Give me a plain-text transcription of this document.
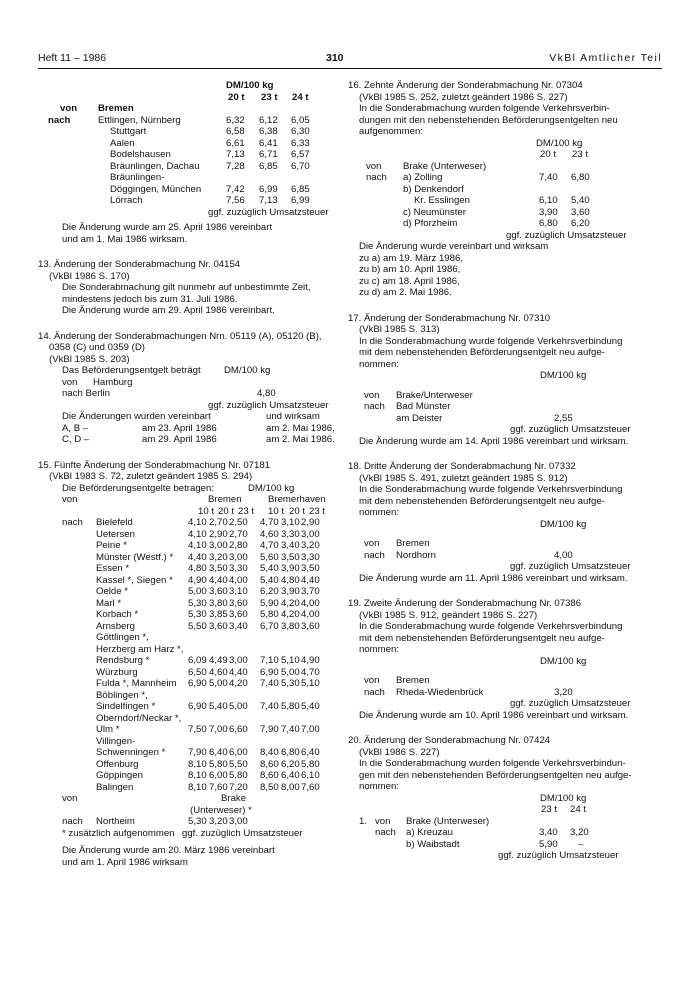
Heft 11 – 1986	310	VkBl Amtlicher Teil
DM/100 kg
20 t 23 t 24 t
von Bremen
nach	Ettlingen, Nürnberg	6,32 6,12 6,05
Stuttgart	6,58 6,38 6,30
Aalen	6,61 6,41 6,33
Bodelshausen	7,13 6,71 6,57
Bräunlingen, Dachau	7,28 6,85 6,70
Bräunlingen-
Döggingen, München	7,42 6,99 6,85
Lörrach	7,56 7,13 6,99
ggf. zuzüglich Umsatzsteuer
Die Änderung wurde am 25. April 1986 vereinbart
und am 1. Mai 1986 wirksam.
13. Änderung der Sonderabmachung Nr. 04154
(VkBl 1986 S. 170)
Die Sonderabmachung gilt nunmehr auf unbestimmte Zeit,
mindestens jedoch bis zum 31. Juli 1986.
Die Änderung wurde am 29. April 1986 vereinbart.
14. Änderung der Sonderabmachungen Nrn. 05119 (A), 05120 (B),
0358 (C) und 0359 (D)
(VkBl 1985 S. 203)
Das Beförderungsentgelt beträgt DM/100 kg
von Hamburg
nach Berlin	4,80
ggf. zuzüglich Umsatzsteuer
Die Änderungen wurden vereinbart	und wirksam
A, B –	am 23. April 1986	am 2. Mai 1986,
C, D –	am 29. April 1986	am 2. Mai 1986.
15. Fünfte Änderung der Sonderabmachung Nr. 07181
(VkBl 1983 S. 72, zuletzt geändert 1985 S. 294)
Die Beförderungsentgelte betragen:	DM/100 kg
von	Bremen	Bremerhaven
10 t 20 t 23 t 10 t 20 t 23 t
nach Bielefeld	4,10 2,70 2,50 4,70 3,10 2,90
Uetersen	4,10 2,90 2,70 4,60 3,30 3,00
Peine *	4,10 3,00 2,80 4,70 3,40 3,20
Münster (Westf.) * 4,40 3,20 3,00 5,60 3,50 3,30
Essen *	4,80 3,50 3,30 5,40 3,90 3,50
Kassel *, Siegen * 4,90 4,40 4,00 5,40 4,80 4,40
Oelde *	5,00 3,60 3,10 6,20 3,90 3,70
Marl *	5,30 3,80 3,60 5,90 4,20 4,00
Korbach *	5,30 3,85 3,60 5,80 4,20 4,00
Arnsberg	5,50 3,60 3,40 6,70 3,80 3,60
Göttlingen *,
Herzberg am Harz *,
Rendsburg *	6,09 4,49 3,00 7,10 5,10 4,90
Würzburg	6,50 4,60 4,40 6,90 5,00 4,70
Fulda *, Mannheim 6,90 5,00 4,20 7,40 5,30 5,10
Böblingen *,
Sindelfingen *	6,90 5,40 5,00 7,40 5,80 5,40
Oberndorf/Neckar *,
Ulm *	7,50 7,00 6,60 7,90 7,40 7,00
Villingen-
Schwenningen * 7,90 6,40 6,00 8,40 6,80 6,40
Offenburg	8,10 5,80 5,50 8,60 6,20 5,80
Göppingen	8,10 6,00 5,80 8,60 6,40 6,10
Balingen	8,10 7,60 7,20 8,50 8,00 7,60
von	Brake
(Unterweser) *
nach Northeim	5,30 3,20 3,00
* zusätzlich aufgenommen ggf. zuzüglich Umsatzsteuer
Die Änderung wurde am 20. März 1986 vereinbart
und am 1. April 1986 wirksam
16. Zehnte Änderung der Sonderabmachung Nr. 07304
(VkBl 1985 S. 252, zuletzt geändert 1986 S. 227)
In die Sonderabmachung wurden folgende Verkehrsverbin-
dungen mit den nebenstehenden Beförderungsentgelten neu
aufgenommen:
DM/100 kg
20 t 23 t
von Brake (Unterweser)
nach a) Zolling	7,40 6,80
b) Denkendorf
Kr. Esslingen	6,10 5,40
c) Neumünster	3,90 3,60
d) Pforzheim	6,80 6,20
ggf. zuzüglich Umsatzsteuer
Die Änderung wurde vereinbart und wirksam
zu a) am 19. März 1986,
zu b) am 10. April 1986,
zu c) am 18. April 1986,
zu d) am 2. Mai 1986.
17. Änderung der Sonderabmachung Nr. 07310
(VkBl 1985 S. 313)
In die Sonderabmachung wurde folgende Verkehrsverbindung
mit dem nebenstehenden Beförderungsentgelt neu aufge-
nommen:
DM/100 kg
von Brake/Unterweser
nach Bad Münster
am Deister	2,55
ggf. zuzüglich Umsatzsteuer
Die Änderung wurde am 14. April 1986 vereinbart und wirksam.
18. Dritte Änderung der Sonderabmachung Nr. 07332
(VkBl 1985 S. 491, zuletzt geändert 1985 S. 912)
In die Sonderabmachung wurde folgende Verkehrsverbindung
mit dem nebenstehenden Beförderungsentgelt neu aufge-
nommen:
DM/100 kg
von Bremen
nach Nordhorn	4,00
ggf. zuzüglich Umsatzsteuer
Die Änderung wurde am 11. April 1986 vereinbart und wirksam.
19. Zweite Änderung der Sonderabmachung Nr. 07386
(VkBl 1985 S. 912, geändert 1986 S. 227)
In die Sonderabmachung wurde folgende Verkehrsverbindung
mit dem nebenstehenden Beförderungsentgelt neu aufge-
nommen:
DM/100 kg
von Bremen
nach Rheda-Wiedenbrück	3,20
ggf. zuzüglich Umsatzsteuer
Die Änderung wurde am 10. April 1986 vereinbart und wirksam.
20. Änderung der Sonderabmachung Nr. 07424
(VkBl 1986 S. 227)
In die Sonderabmachung wurden folgende Verkehrsverbindun-
gen mit den nebenstehenden Beförderungsentgelten neu aufge-
nommen:
DM/100 kg
23 t 24 t
1. von Brake (Unterweser)
nach a) Kreuzau	3,40 3,20
b) Waibstadt	5,90 –
ggf. zuzüglich Umsatzsteuer
